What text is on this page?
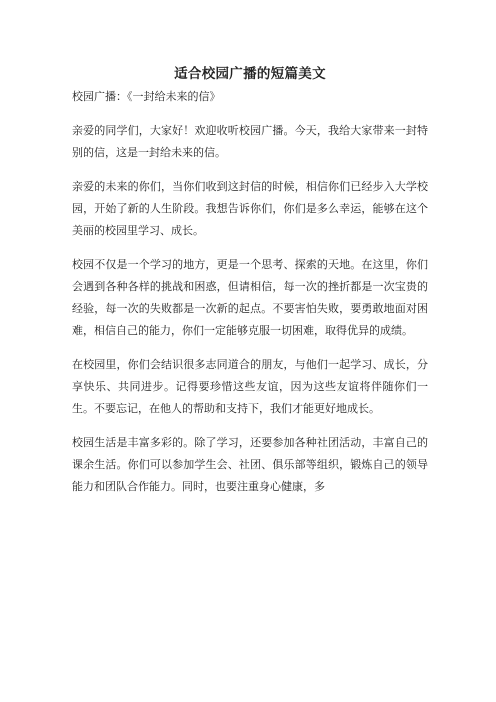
适合校园广播的短篇美文
校园广播：《一封给未来的信》

亲爱的同学们，大家好！欢迎收听校园广播。今天，我给大家带来一封特别的信，这是一封给未来的信。

亲爱的未来的你们，当你们收到这封信的时候，相信你们已经步入大学校园，开始了新的人生阶段。我想告诉你们，你们是多么幸运，能够在这个美丽的校园里学习、成长。

校园不仅是一个学习的地方，更是一个思考、探索的天地。在这里，你们会遇到各种各样的挑战和困惑，但请相信，每一次的挫折都是一次宝贵的经验，每一次的失败都是一次新的起点。不要害怕失败，要勇敢地面对困难，相信自己的能力，你们一定能够克服一切困难，取得优异的成绩。

在校园里，你们会结识很多志同道合的朋友，与他们一起学习、成长，分享快乐、共同进步。记得要珍惜这些友谊，因为这些友谊将伴随你们一生。不要忘记，在他人的帮助和支持下，我们才能更好地成长。

校园生活是丰富多彩的。除了学习，还要参加各种社团活动，丰富自己的课余生活。你们可以参加学生会、社团、俱乐部等组织，锻炼自己的领导能力和团队合作能力。同时，也要注重身心健康，多
